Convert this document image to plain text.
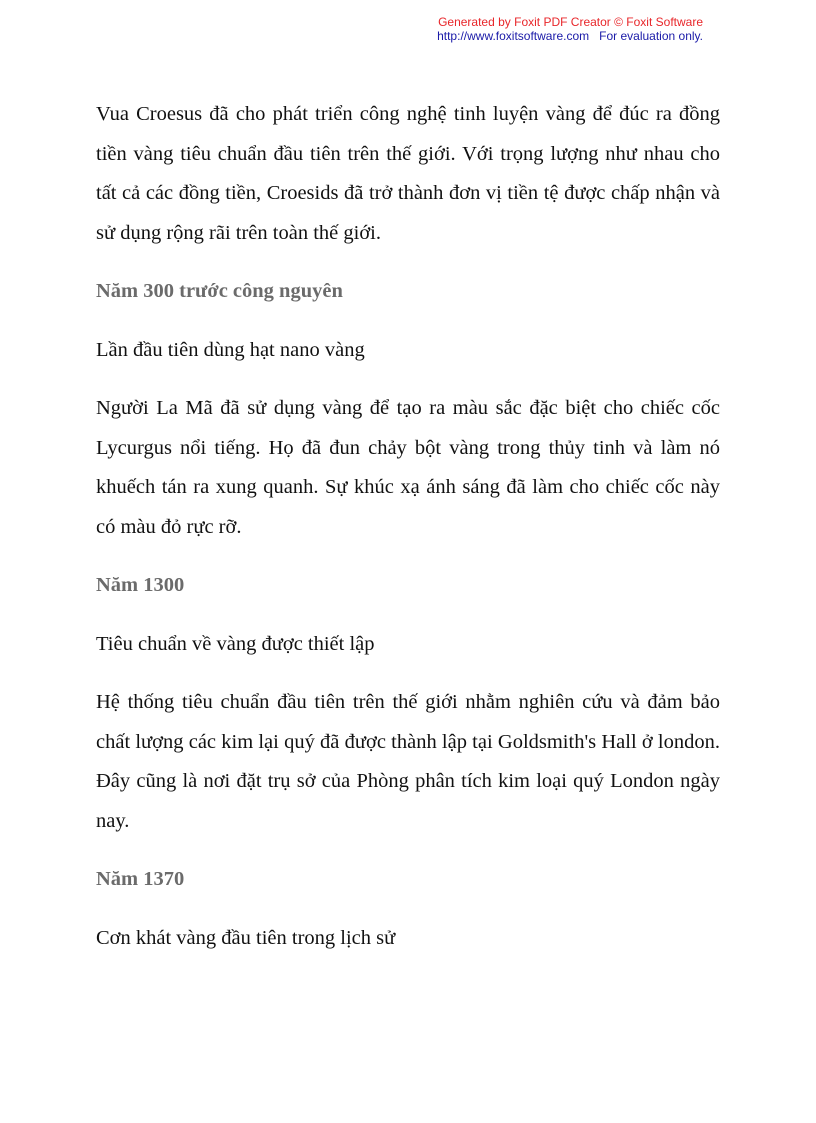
Generated by Foxit PDF Creator © Foxit Software
http://www.foxitsoftware.com For evaluation only.

Vua Croesus đã cho phát triển công nghệ tinh luyện vàng để đúc ra đồng tiền vàng tiêu chuẩn đầu tiên trên thế giới. Với trọng lượng như nhau cho tất cả các đồng tiền, Croesids đã trở thành đơn vị tiền tệ được chấp nhận và sử dụng rộng rãi trên toàn thế giới.

Năm 300 trước công nguyên

Lần đầu tiên dùng hạt nano vàng

Người La Mã đã sử dụng vàng để tạo ra màu sắc đặc biệt cho chiếc cốc Lycurgus nổi tiếng. Họ đã đun chảy bột vàng trong thủy tinh và làm nó khuếch tán ra xung quanh. Sự khúc xạ ánh sáng đã làm cho chiếc cốc này có màu đỏ rực rỡ.

Năm 1300

Tiêu chuẩn về vàng được thiết lập

Hệ thống tiêu chuẩn đầu tiên trên thế giới nhằm nghiên cứu và đảm bảo chất lượng các kim lại quý đã được thành lập tại Goldsmith's Hall ở london. Đây cũng là nơi đặt trụ sở của Phòng phân tích kim loại quý London ngày nay.

Năm 1370

Cơn khát vàng đầu tiên trong lịch sử
